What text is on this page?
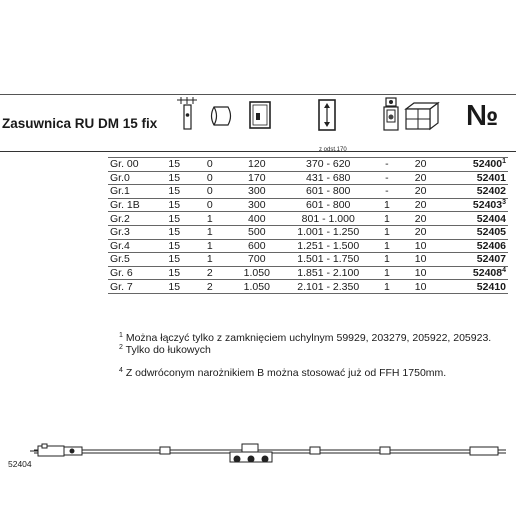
Zasuwnica RU DM 15 fix	№
z odst.170
Gr. 00	15	0	120	370 - 620	-	20	52400$^1$
Gr.0	15	0	170	431 - 680	-	20	52401
Gr.1	15	0	300	601 - 800	-	20	52402
Gr. 1B	15	0	300	601 - 800	1	20	52403$^3$
Gr.2	15	1	400	801 - 1.000	1	20	52404
Gr.3	15	1	500	1.001 - 1.250	1	20	52405
Gr.4	15	1	600	1.251 - 1.500	1	10	52406
Gr.5	15	1	700	1.501 - 1.750	1	10	52407
Gr. 6	15	2	1.050	1.851 - 2.100	1	10	52408$^4$
Gr. 7	15	2	1.050	2.101 - 2.350	1	10	52410
$^1$ Można łączyć tylko z zamknięciem uchylnym 59929, 203279, 205922, 205923.
$^2$ Tylko do łukowych
$^4$ Z odwróconym narożnikiem B można stosować już od FFH 1750mm.
52404
